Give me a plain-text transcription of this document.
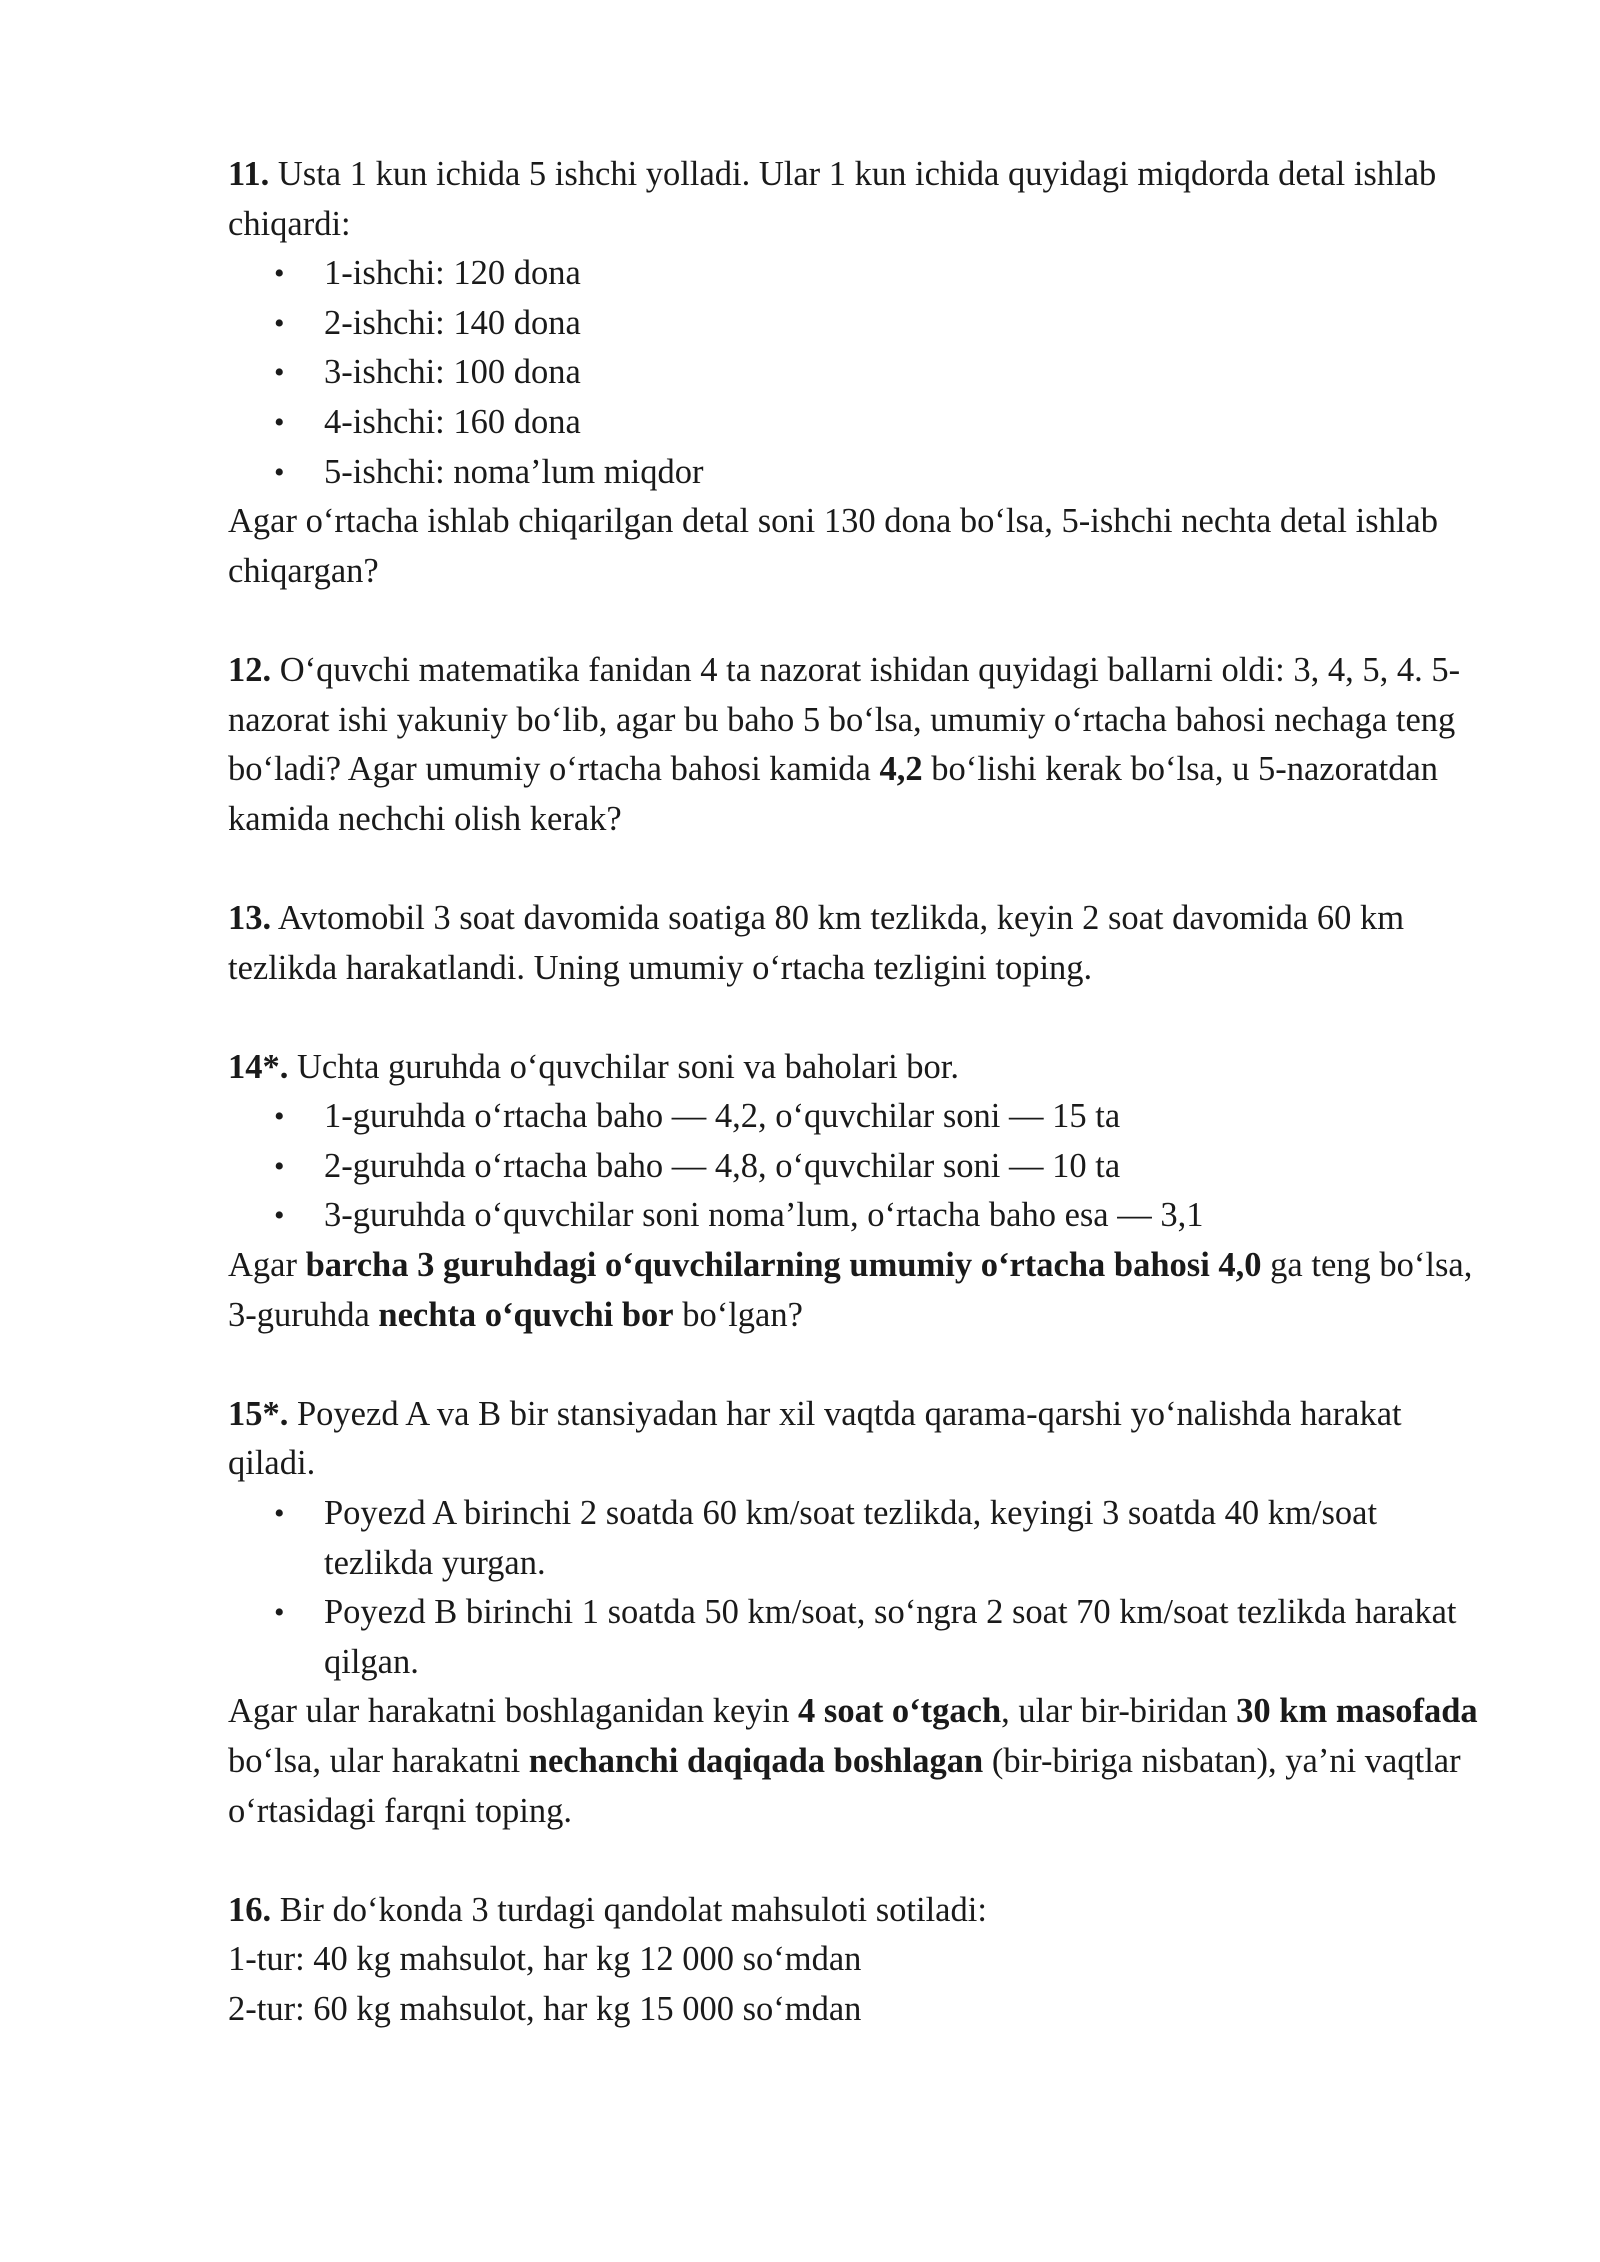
11. Usta 1 kun ichida 5 ishchi yolladi. Ular 1 kun ichida quyidagi miqdorda detal ishlab chiqardi:

• 1-ishchi: 120 dona
• 2-ishchi: 140 dona
• 3-ishchi: 100 dona
• 4-ishchi: 160 dona
• 5-ishchi: noma’lum miqdor

Agar o‘rtacha ishlab chiqarilgan detal soni 130 dona bo‘lsa, 5-ishchi nechta detal ishlab chiqargan?

12. O‘quvchi matematika fanidan 4 ta nazorat ishidan quyidagi ballarni oldi: 3, 4, 5, 4. 5-nazorat ishi yakuniy bo‘lib, agar bu baho 5 bo‘lsa, umumiy o‘rtacha bahosi nechaga teng bo‘ladi? Agar umumiy o‘rtacha bahosi kamida 4,2 bo‘lishi kerak bo‘lsa, u 5-nazoratdan kamida nechchi olish kerak?

13. Avtomobil 3 soat davomida soatiga 80 km tezlikda, keyin 2 soat davomida 60 km tezlikda harakatlandi. Uning umumiy o‘rtacha tezligini toping.

14*. Uchta guruhda o‘quvchilar soni va baholari bor.

• 1-guruhda o‘rtacha baho — 4,2, o‘quvchilar soni — 15 ta
• 2-guruhda o‘rtacha baho — 4,8, o‘quvchilar soni — 10 ta
• 3-guruhda o‘quvchilar soni noma’lum, o‘rtacha baho esa — 3,1

Agar barcha 3 guruhdagi o‘quvchilarning umumiy o‘rtacha bahosi 4,0 ga teng bo‘lsa, 3-guruhda nechta o‘quvchi bor bo‘lgan?

15*. Poyezd A va B bir stansiyadan har xil vaqtda qarama-qarshi yo‘nalishda harakat qiladi.

• Poyezd A birinchi 2 soatda 60 km/soat tezlikda, keyingi 3 soatda 40 km/soat tezlikda yurgan.
• Poyezd B birinchi 1 soatda 50 km/soat, so‘ngra 2 soat 70 km/soat tezlikda harakat qilgan.

Agar ular harakatni boshlaganidan keyin 4 soat o‘tgach, ular bir-biridan 30 km masofada bo‘lsa, ular harakatni nechanchi daqiqada boshlagan (bir-biriga nisbatan), ya’ni vaqtlar o‘rtasidagi farqni toping.

16. Bir do‘konda 3 turdagi qandolat mahsuloti sotiladi:

1-tur: 40 kg mahsulot, har kg 12 000 so‘mdan

2-tur: 60 kg mahsulot, har kg 15 000 so‘mdan
